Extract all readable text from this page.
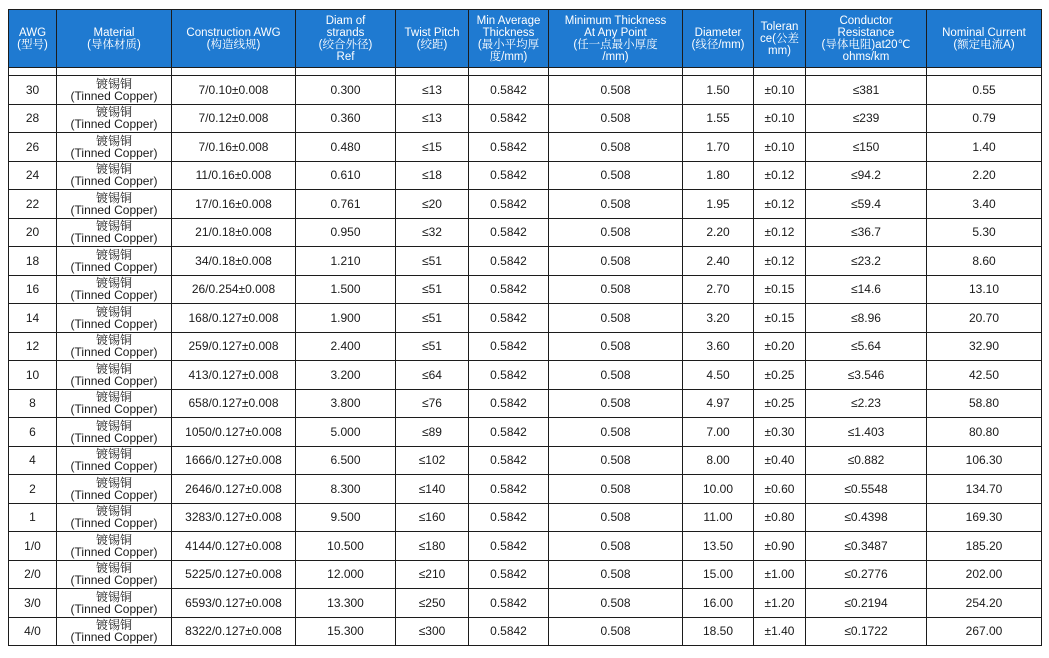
AWG
(型号)	Material
(导体材质)	Construction AWG
(构造线规)	Diam of
strands
(绞合外径)
Ref	Twist Pitch
(绞距)	Min Average
Thickness
(最小平均厚
度/mm)	Minimum Thickness
At Any Point
(任一点最小厚度
/mm)	Diameter
(线径/mm)	Toleran
ce(公差
mm)	Conductor
Resistance
(导体电阻)at20℃
ohms/km	Nominal Current
(额定电流A)

30	镀锡铜
(Tinned Copper)	7/0.10±0.008	0.300	≤13	0.5842	0.508	1.50	±0.10	≤381	0.55
28	镀锡铜
(Tinned Copper)	7/0.12±0.008	0.360	≤13	0.5842	0.508	1.55	±0.10	≤239	0.79
26	镀锡铜
(Tinned Copper)	7/0.16±0.008	0.480	≤15	0.5842	0.508	1.70	±0.10	≤150	1.40
24	镀锡铜
(Tinned Copper)	11/0.16±0.008	0.610	≤18	0.5842	0.508	1.80	±0.12	≤94.2	2.20
22	镀锡铜
(Tinned Copper)	17/0.16±0.008	0.761	≤20	0.5842	0.508	1.95	±0.12	≤59.4	3.40
20	镀锡铜
(Tinned Copper)	21/0.18±0.008	0.950	≤32	0.5842	0.508	2.20	±0.12	≤36.7	5.30
18	镀锡铜
(Tinned Copper)	34/0.18±0.008	1.210	≤51	0.5842	0.508	2.40	±0.12	≤23.2	8.60
16	镀锡铜
(Tinned Copper)	26/0.254±0.008	1.500	≤51	0.5842	0.508	2.70	±0.15	≤14.6	13.10
14	镀锡铜
(Tinned Copper)	168/0.127±0.008	1.900	≤51	0.5842	0.508	3.20	±0.15	≤8.96	20.70
12	镀锡铜
(Tinned Copper)	259/0.127±0.008	2.400	≤51	0.5842	0.508	3.60	±0.20	≤5.64	32.90
10	镀锡铜
(Tinned Copper)	413/0.127±0.008	3.200	≤64	0.5842	0.508	4.50	±0.25	≤3.546	42.50
8	镀锡铜
(Tinned Copper)	658/0.127±0.008	3.800	≤76	0.5842	0.508	4.97	±0.25	≤2.23	58.80
6	镀锡铜
(Tinned Copper)	1050/0.127±0.008	5.000	≤89	0.5842	0.508	7.00	±0.30	≤1.403	80.80
4	镀锡铜
(Tinned Copper)	1666/0.127±0.008	6.500	≤102	0.5842	0.508	8.00	±0.40	≤0.882	106.30
2	镀锡铜
(Tinned Copper)	2646/0.127±0.008	8.300	≤140	0.5842	0.508	10.00	±0.60	≤0.5548	134.70
1	镀锡铜
(Tinned Copper)	3283/0.127±0.008	9.500	≤160	0.5842	0.508	11.00	±0.80	≤0.4398	169.30
1/0	镀锡铜
(Tinned Copper)	4144/0.127±0.008	10.500	≤180	0.5842	0.508	13.50	±0.90	≤0.3487	185.20
2/0	镀锡铜
(Tinned Copper)	5225/0.127±0.008	12.000	≤210	0.5842	0.508	15.00	±1.00	≤0.2776	202.00
3/0	镀锡铜
(Tinned Copper)	6593/0.127±0.008	13.300	≤250	0.5842	0.508	16.00	±1.20	≤0.2194	254.20
4/0	镀锡铜
(Tinned Copper)	8322/0.127±0.008	15.300	≤300	0.5842	0.508	18.50	±1.40	≤0.1722	267.00
